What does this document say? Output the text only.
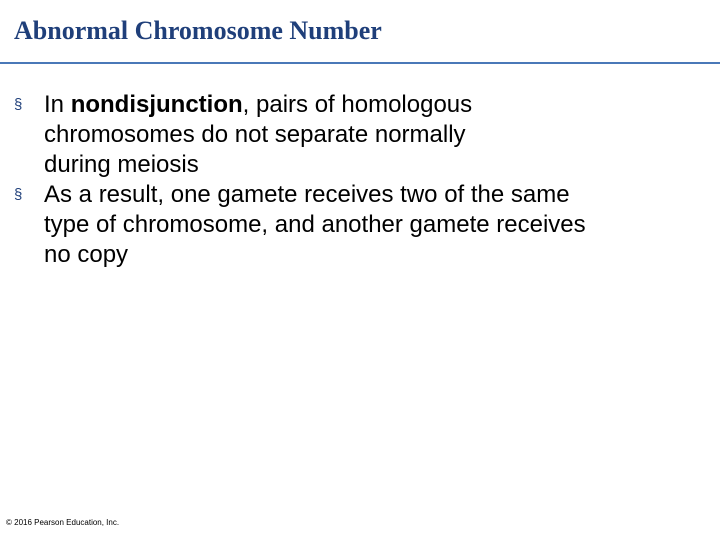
Abnormal Chromosome Number
§ In nondisjunction, pairs of homologous
chromosomes do not separate normally
during meiosis
§ As a result, one gamete receives two of the same
type of chromosome, and another gamete receives
no copy
© 2016 Pearson Education, Inc.
